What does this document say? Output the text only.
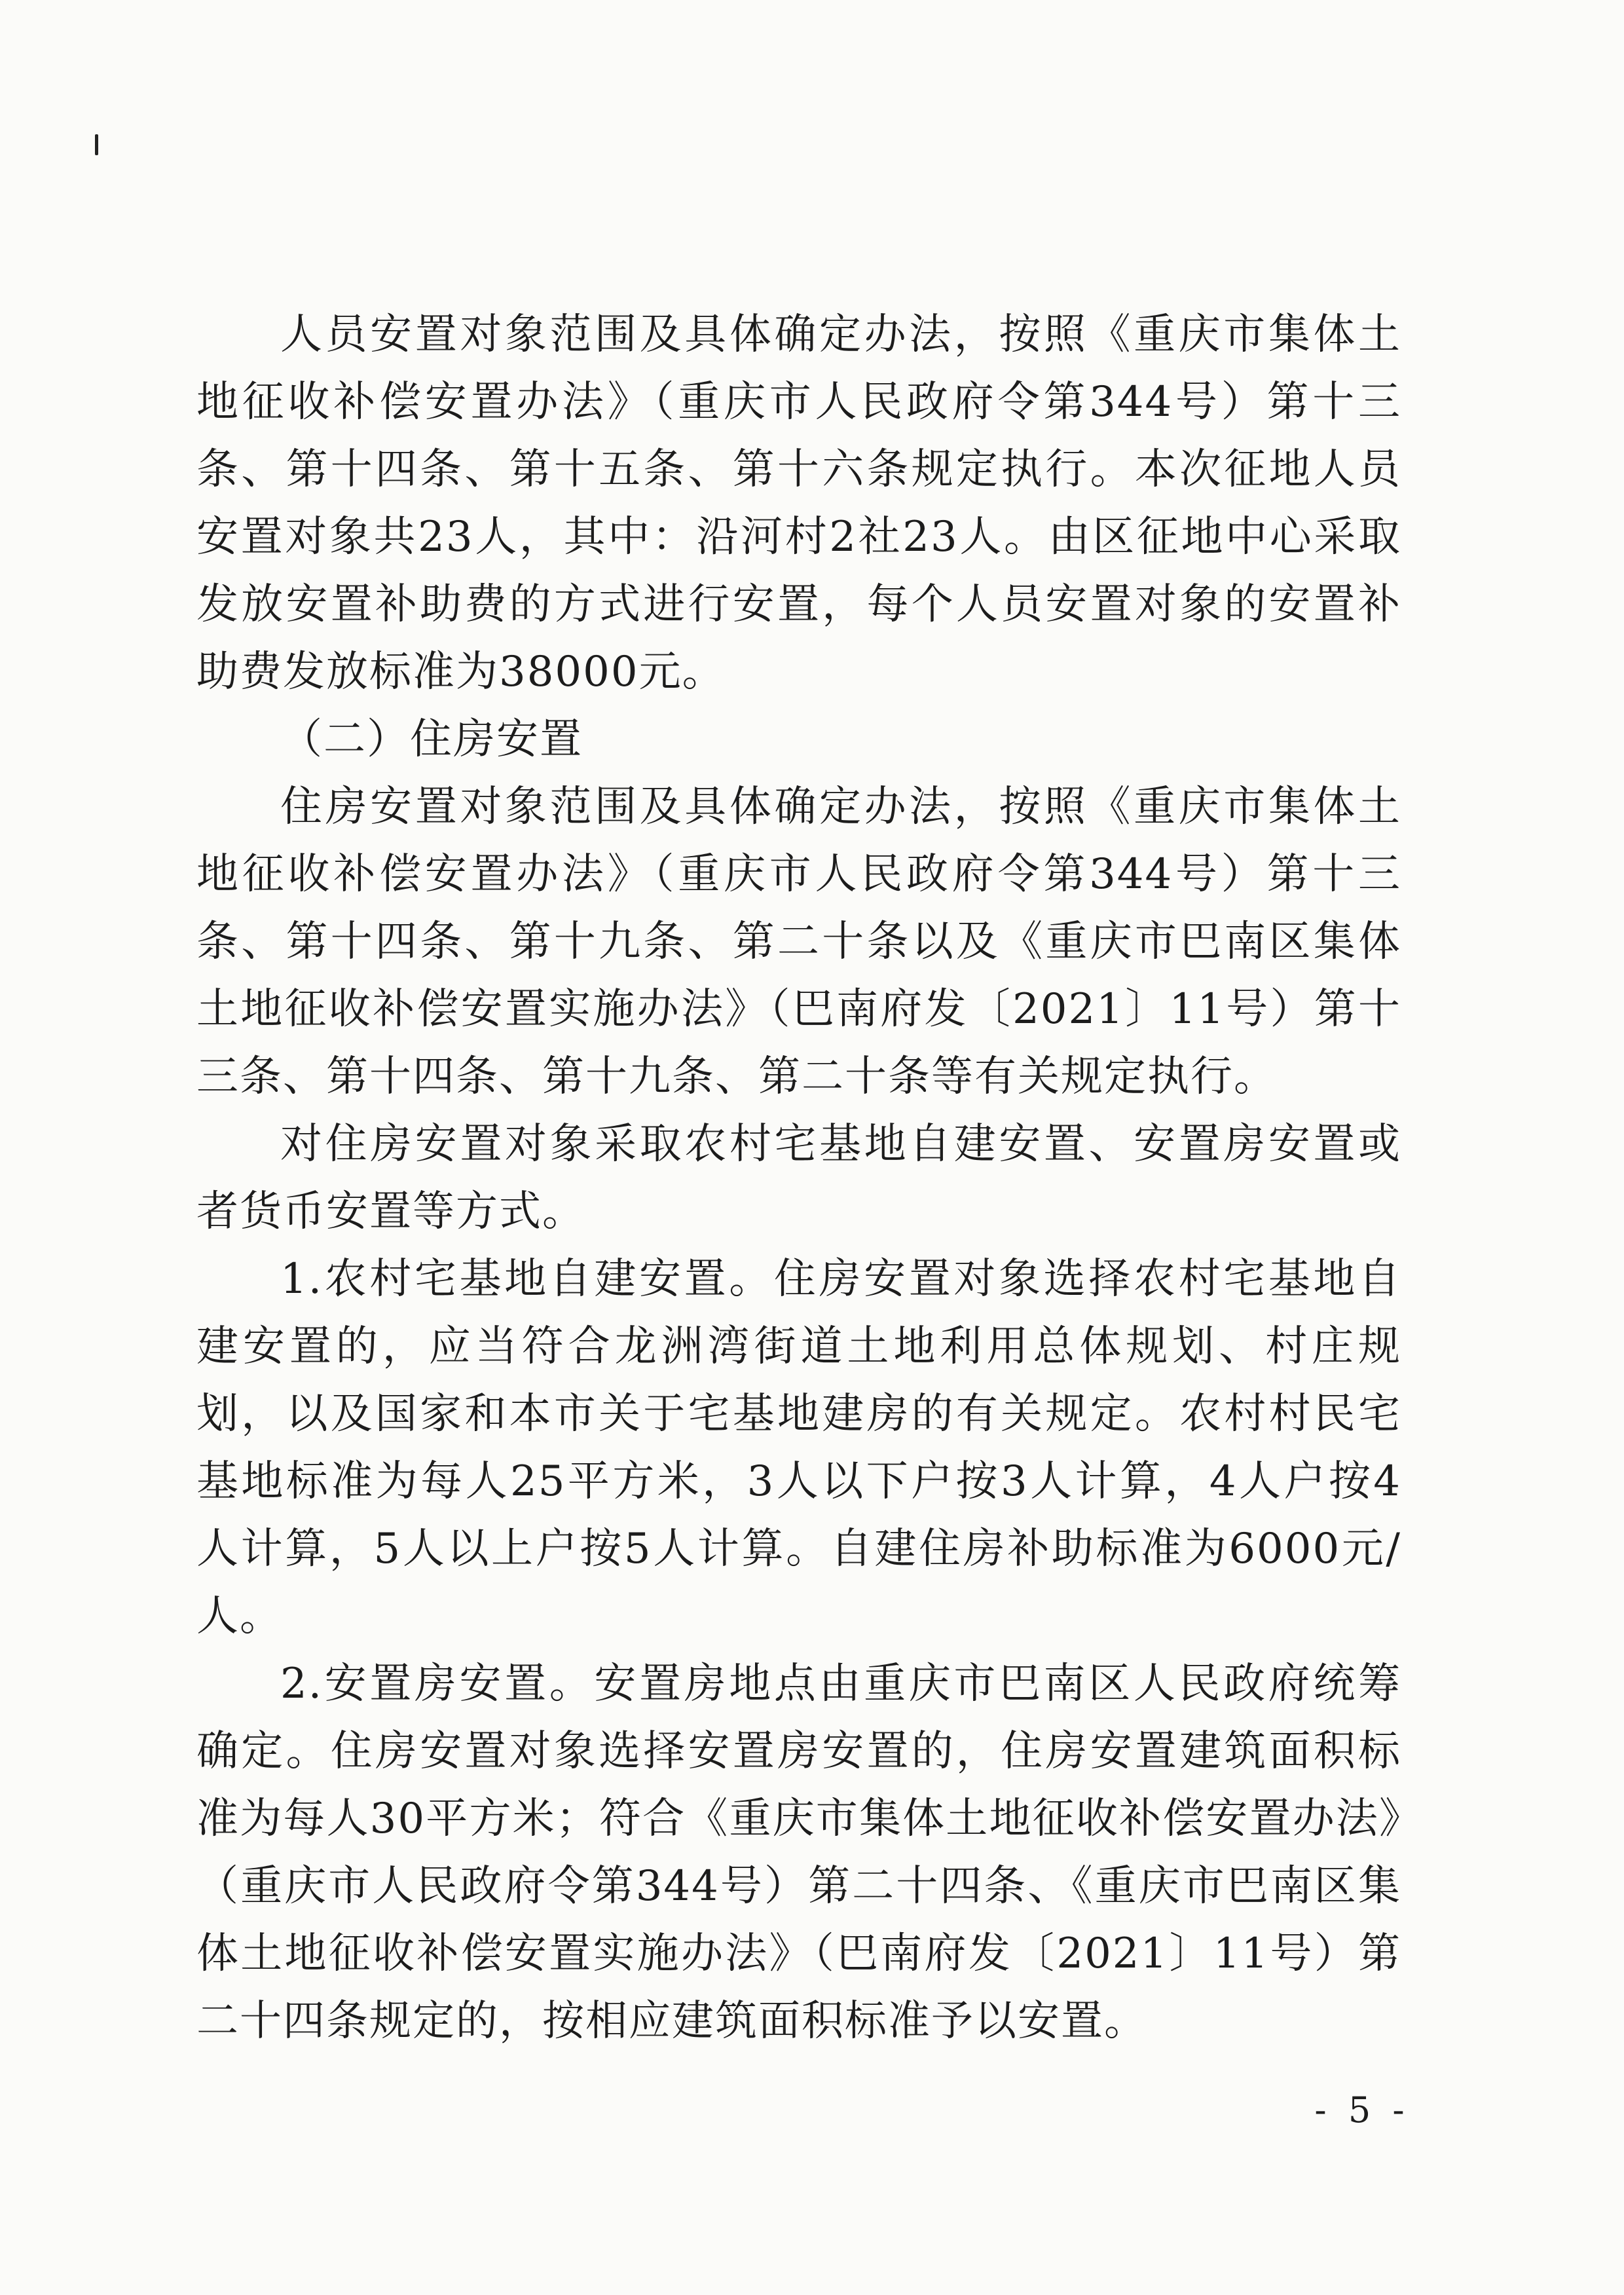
人员安置对象范围及具体确定办法，按照《重庆市集体土地征收补偿安置办法》（重庆市人民政府令第344号）第十三条、第十四条、第十五条、第十六条规定执行。本次征地人员安置对象共23人，其中：沿河村2社23人。由区征地中心采取发放安置补助费的方式进行安置，每个人员安置对象的安置补助费发放标准为38000元。

（二）住房安置

住房安置对象范围及具体确定办法，按照《重庆市集体土地征收补偿安置办法》（重庆市人民政府令第344号）第十三条、第十四条、第十九条、第二十条以及《重庆市巴南区集体土地征收补偿安置实施办法》（巴南府发〔2021〕11号）第十三条、第十四条、第十九条、第二十条等有关规定执行。

对住房安置对象采取农村宅基地自建安置、安置房安置或者货币安置等方式。

1.农村宅基地自建安置。住房安置对象选择农村宅基地自建安置的，应当符合龙洲湾街道土地利用总体规划、村庄规划，以及国家和本市关于宅基地建房的有关规定。农村村民宅基地标准为每人25平方米，3人以下户按3人计算，4人户按4人计算，5人以上户按5人计算。自建住房补助标准为6000元/人。

2.安置房安置。安置房地点由重庆市巴南区人民政府统筹确定。住房安置对象选择安置房安置的，住房安置建筑面积标准为每人30平方米；符合《重庆市集体土地征收补偿安置办法》（重庆市人民政府令第344号）第二十四条、《重庆市巴南区集体土地征收补偿安置实施办法》（巴南府发〔2021〕11号）第二十四条规定的，按相应建筑面积标准予以安置。

- 5 -
